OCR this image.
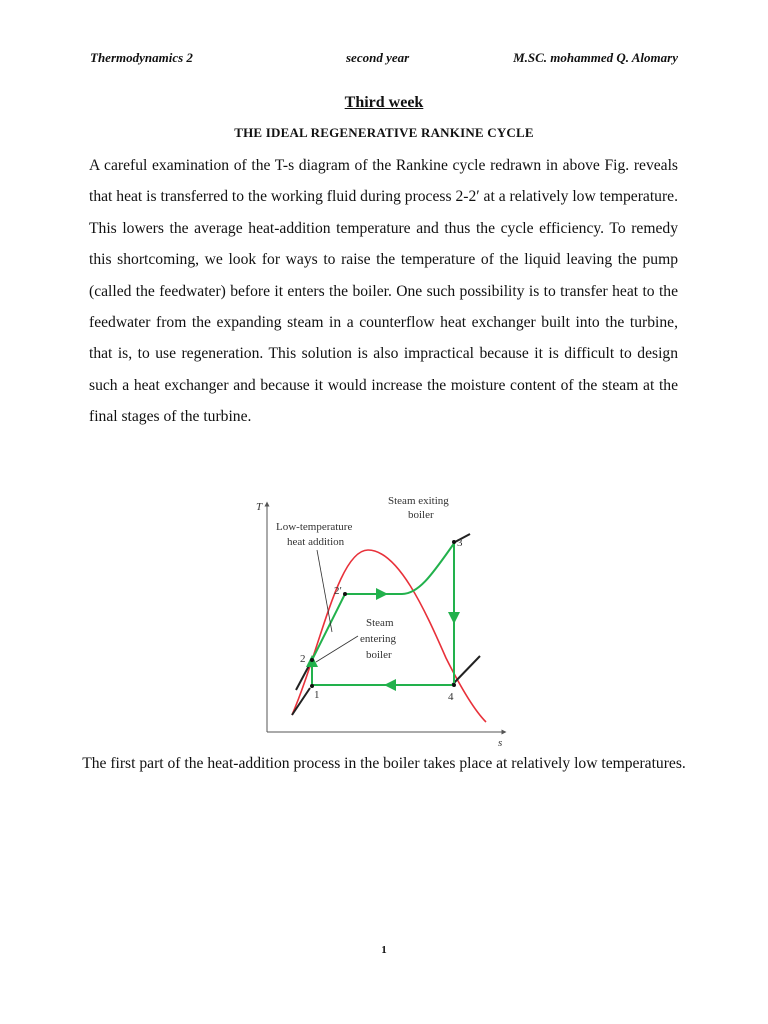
Thermodynamics 2	second year	M.SC. mohammed Q. Alomary
Third week
THE IDEAL REGENERATIVE RANKINE CYCLE

A careful examination of the T-s diagram of the Rankine cycle redrawn in above Fig. reveals that heat is transferred to the working fluid during process 2-2′ at a relatively low temperature. This lowers the average heat-addition temperature and thus the cycle efficiency. To remedy this shortcoming, we look for ways to raise the temperature of the liquid leaving the pump (called the feedwater) before it enters the boiler. One such possibility is to transfer heat to the feedwater from the expanding steam in a counterflow heat exchanger built into the turbine, that is, to use regeneration. This solution is also impractical because it is difficult to design such a heat exchanger and because it would increase the moisture content of the steam at the final stages of the turbine.

T
s
1
2
2′
3
4
Low-temperature
heat addition
Steam exiting
boiler
Steam
entering
boiler

The first part of the heat-addition process in the boiler takes place at relatively low temperatures.

1
